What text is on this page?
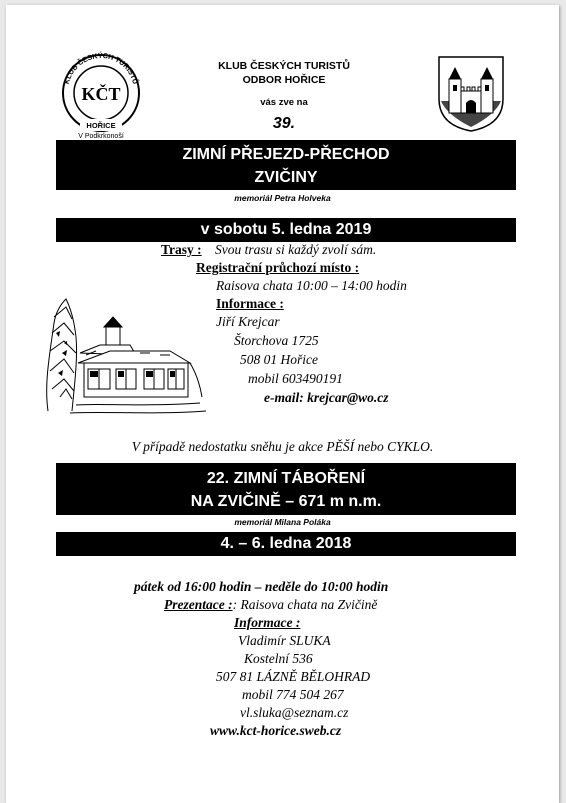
KLUB ČESKÝCH TURISTŮ
KČT
HOŘICE
V Podkrkonoší
KLUB ČESKÝCH TURISTŮ
ODBOR HOŘICE
vás zve na
39.
ZIMNÍ PŘEJEZD-PŘECHOD
ZVIČINY
memoriál Petra Holveka
v sobotu 5. ledna 2019
Trasy : Svou trasu si každý zvolí sám.
Registrační průchozí místo :
Raisova chata 10:00 – 14:00 hodin
Informace :
Jiří Krejcar
Štorchova 1725
508 01 Hořice
mobil 603490191
e-mail: krejcar@wo.cz
V případě nedostatku sněhu je akce PĚŠÍ nebo CYKLO.
22. ZIMNÍ TÁBOŘENÍ
NA ZVIČINĚ – 671 m n.m.
memoriál Milana Poláka
4. – 6. ledna 2018
pátek od 16:00 hodin – neděle do 10:00 hodin
Prezentace :: Raisova chata na Zvičině
Informace :
Vladimír SLUKA
Kostelní 536
507 81 LÁZNĚ BĚLOHRAD
mobil 774 504 267
vl.sluka@seznam.cz
www.kct-horice.sweb.cz
